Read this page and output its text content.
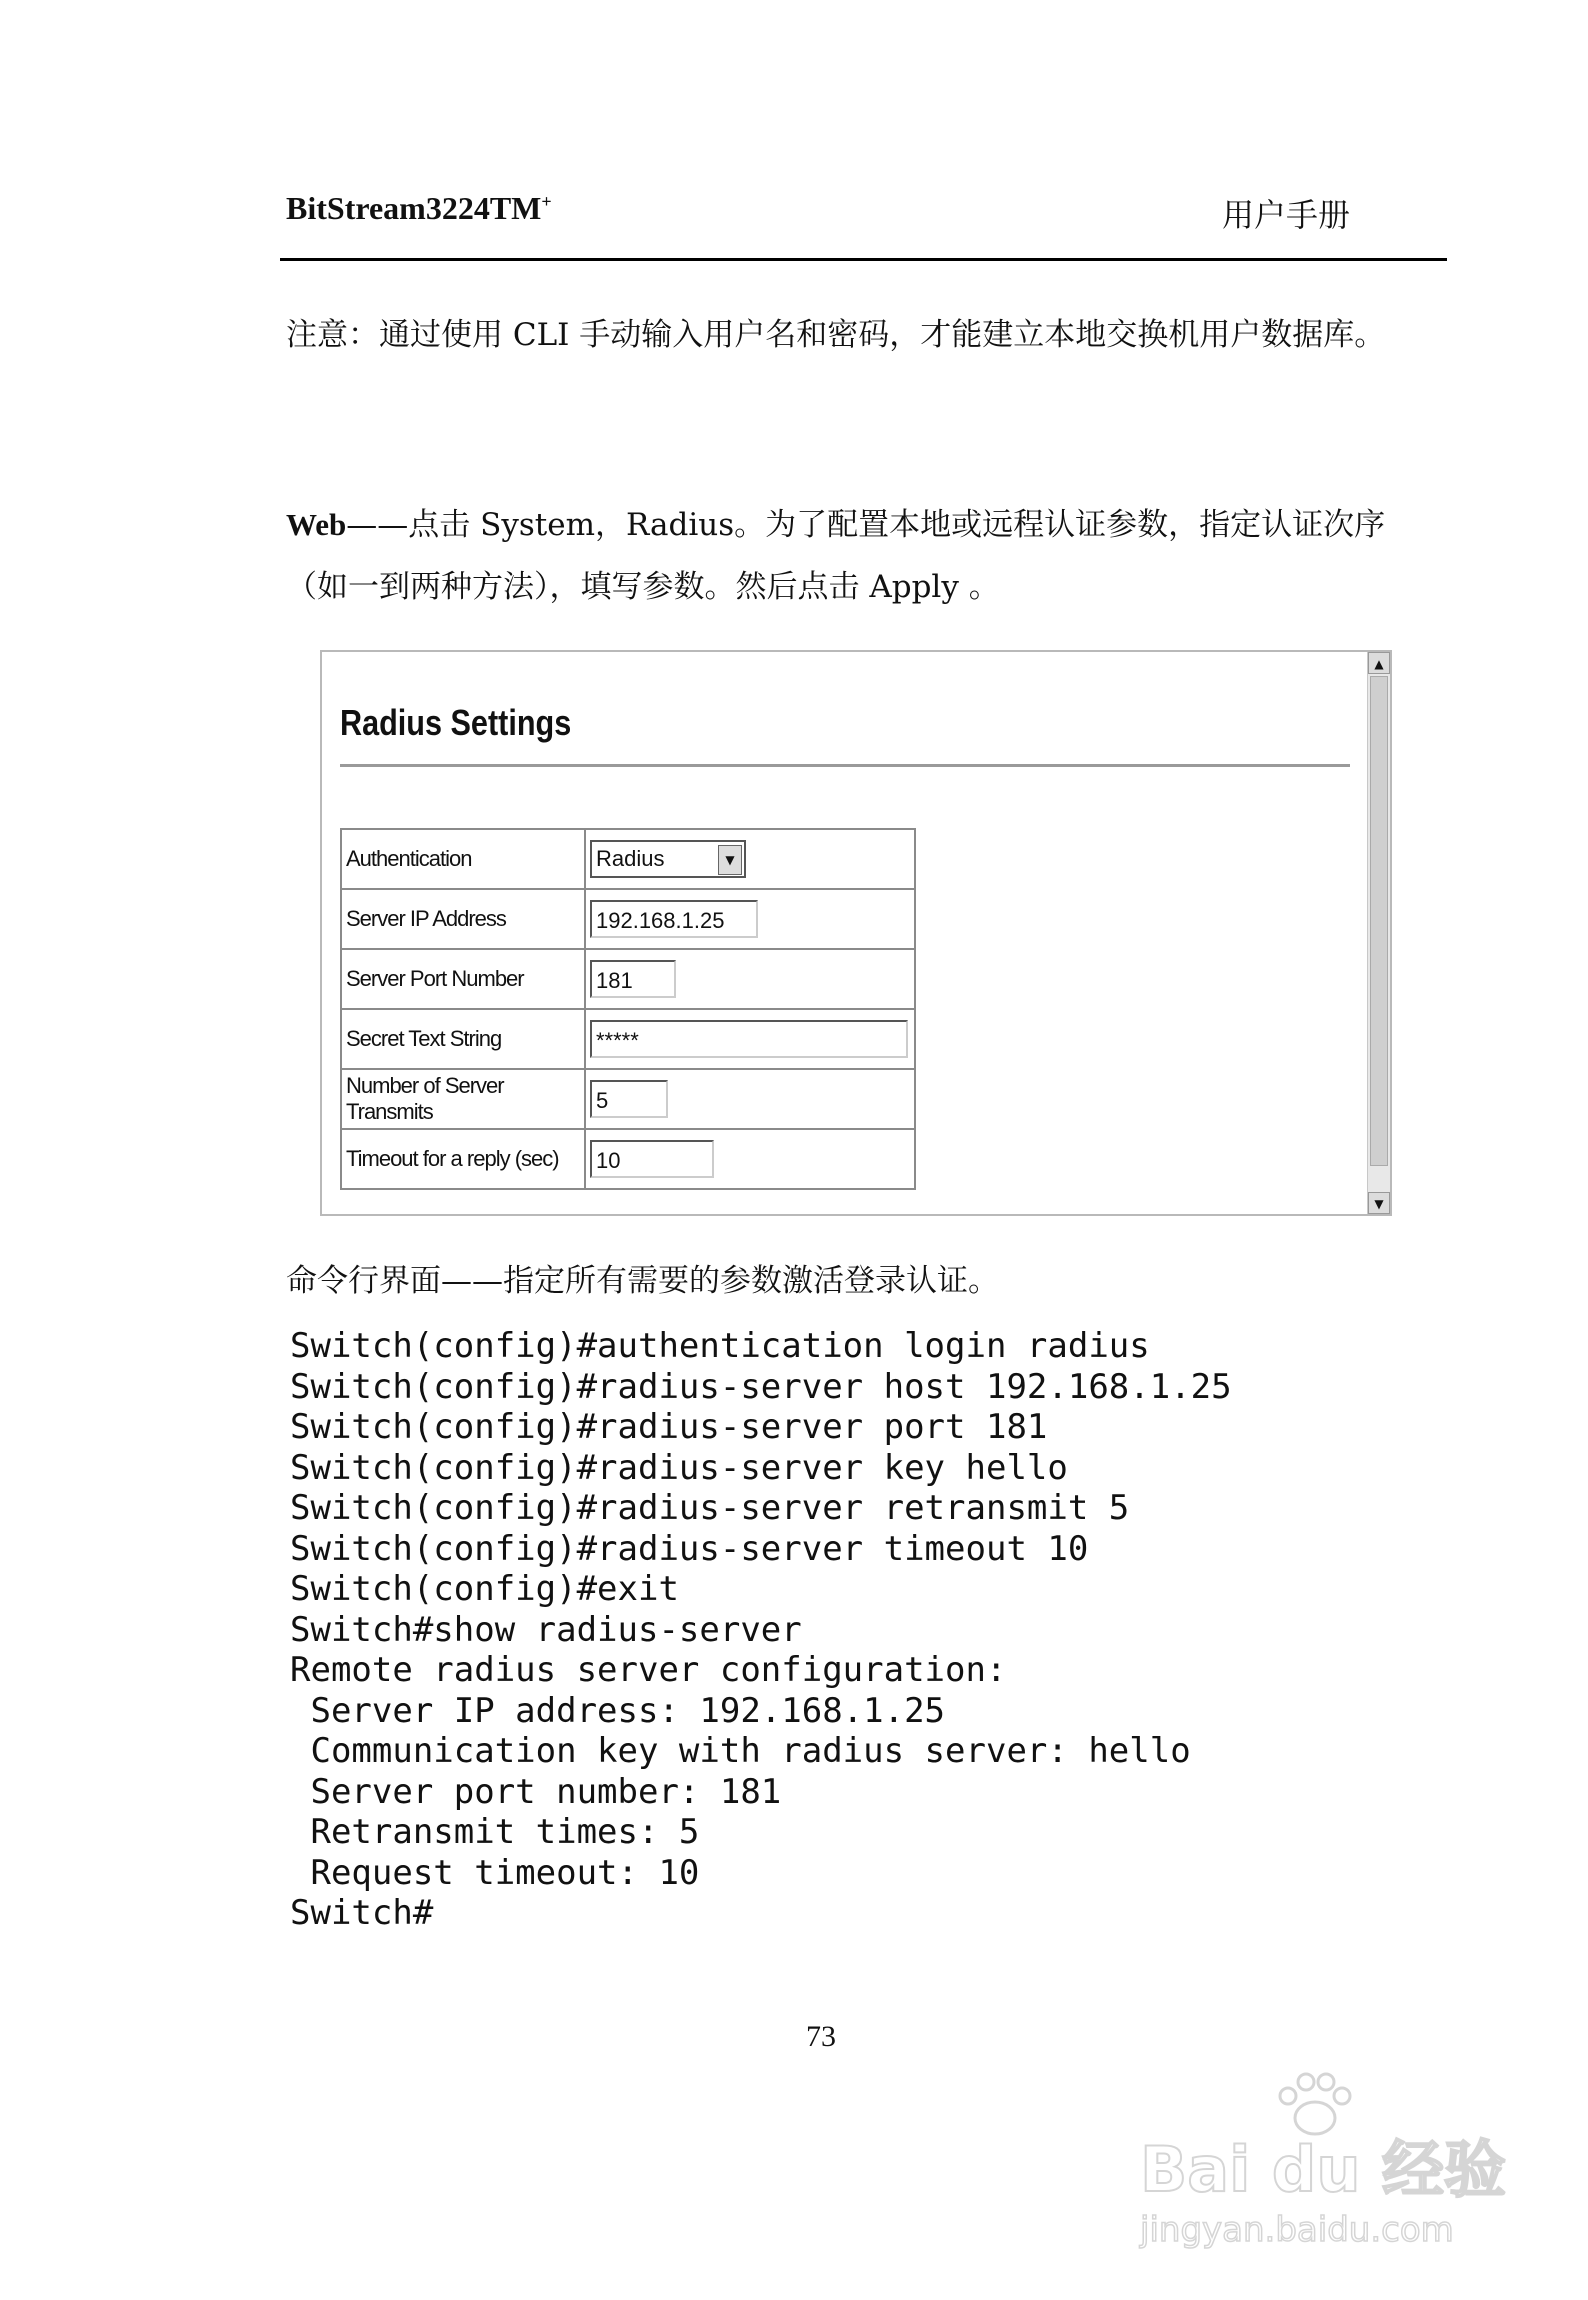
BitStream3224TM+	用户手册
注意：通过使用 CLI 手动输入用户名和密码，才能建立本地交换机用户数据库。
Web——点击 System，Radius。为了配置本地或远程认证参数，指定认证次序（如一到两种方法），填写参数。然后点击 Apply 。
Radius Settings
Authentication	Radius ▼

Server IP Address	192.168.1.25
Server Port Number	181
Secret Text String	*****
Number of Server Transmits	5
Timeout for a reply (sec)	10
▲
▼
命令行界面——指定所有需要的参数激活登录认证。
Switch(config)#authentication login radius
Switch(config)#radius-server host 192.168.1.25
Switch(config)#radius-server port 181
Switch(config)#radius-server key hello
Switch(config)#radius-server retransmit 5
Switch(config)#radius-server timeout 10
Switch(config)#exit
Switch#show radius-server
Remote radius server configuration:
Server IP address: 192.168.1.25
Communication key with radius server: hello
Server port number: 181
Retransmit times: 5
Request timeout: 10
Switch#
73
Bai du 经验
jingyan.baidu.com
